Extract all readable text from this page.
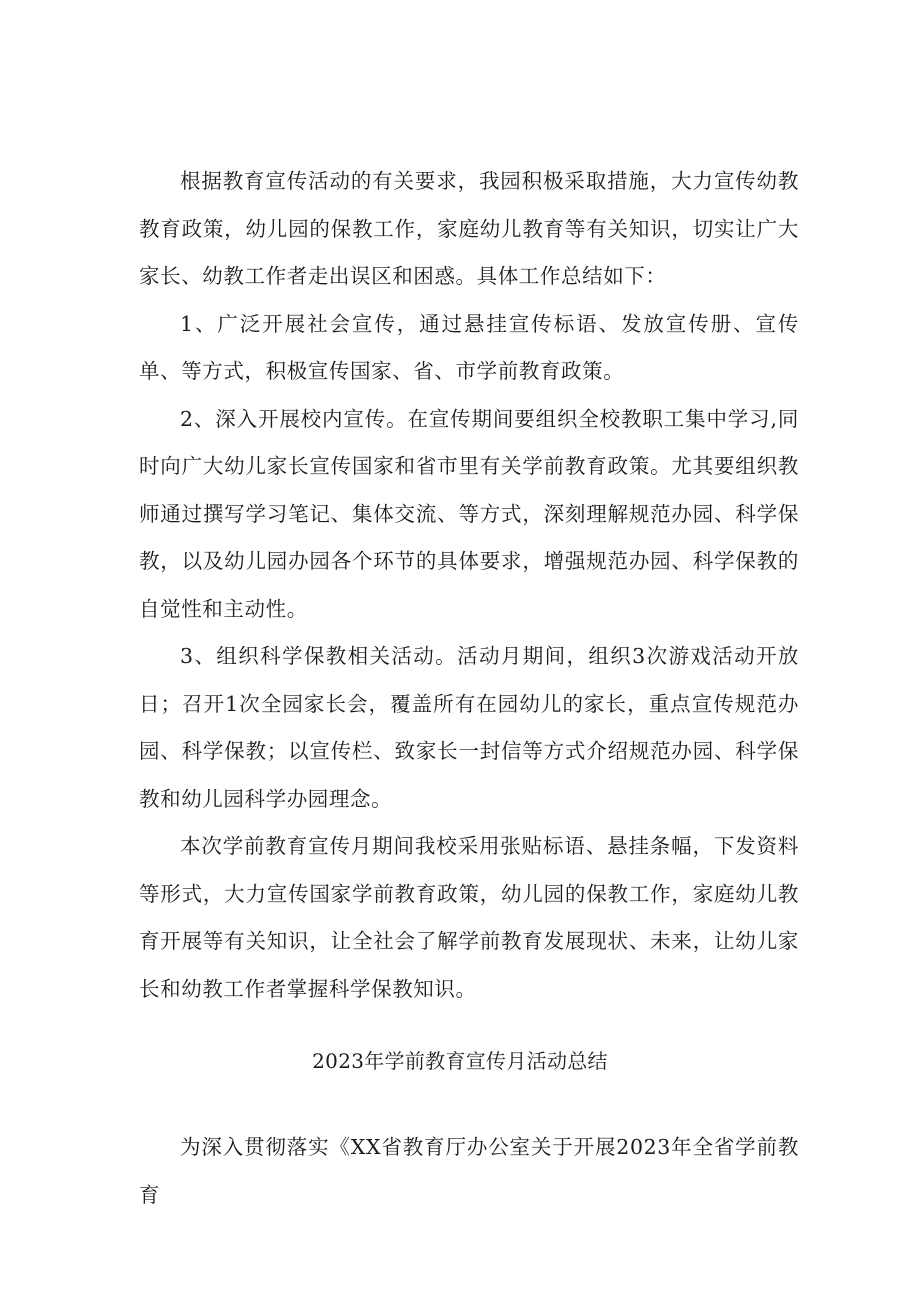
根据教育宣传活动的有关要求，我园积极采取措施，大力宣传幼教教育政策，幼儿园的保教工作，家庭幼儿教育等有关知识，切实让广大家长、幼教工作者走出误区和困惑。具体工作总结如下：

1、广泛开展社会宣传，通过悬挂宣传标语、发放宣传册、宣传单、等方式，积极宣传国家、省、市学前教育政策。

2、深入开展校内宣传。在宣传期间要组织全校教职工集中学习,同时向广大幼儿家长宣传国家和省市里有关学前教育政策。尤其要组织教师通过撰写学习笔记、集体交流、等方式，深刻理解规范办园、科学保教，以及幼儿园办园各个环节的具体要求，增强规范办园、科学保教的自觉性和主动性。

3、组织科学保教相关活动。活动月期间，组织3次游戏活动开放日；召开1次全园家长会，覆盖所有在园幼儿的家长，重点宣传规范办园、科学保教；以宣传栏、致家长一封信等方式介绍规范办园、科学保教和幼儿园科学办园理念。

本次学前教育宣传月期间我校采用张贴标语、悬挂条幅，下发资料等形式，大力宣传国家学前教育政策，幼儿园的保教工作，家庭幼儿教育开展等有关知识，让全社会了解学前教育发展现状、未来，让幼儿家长和幼教工作者掌握科学保教知识。

2023年学前教育宣传月活动总结

为深入贯彻落实《XX省教育厅办公室关于开展2023年全省学前教育
